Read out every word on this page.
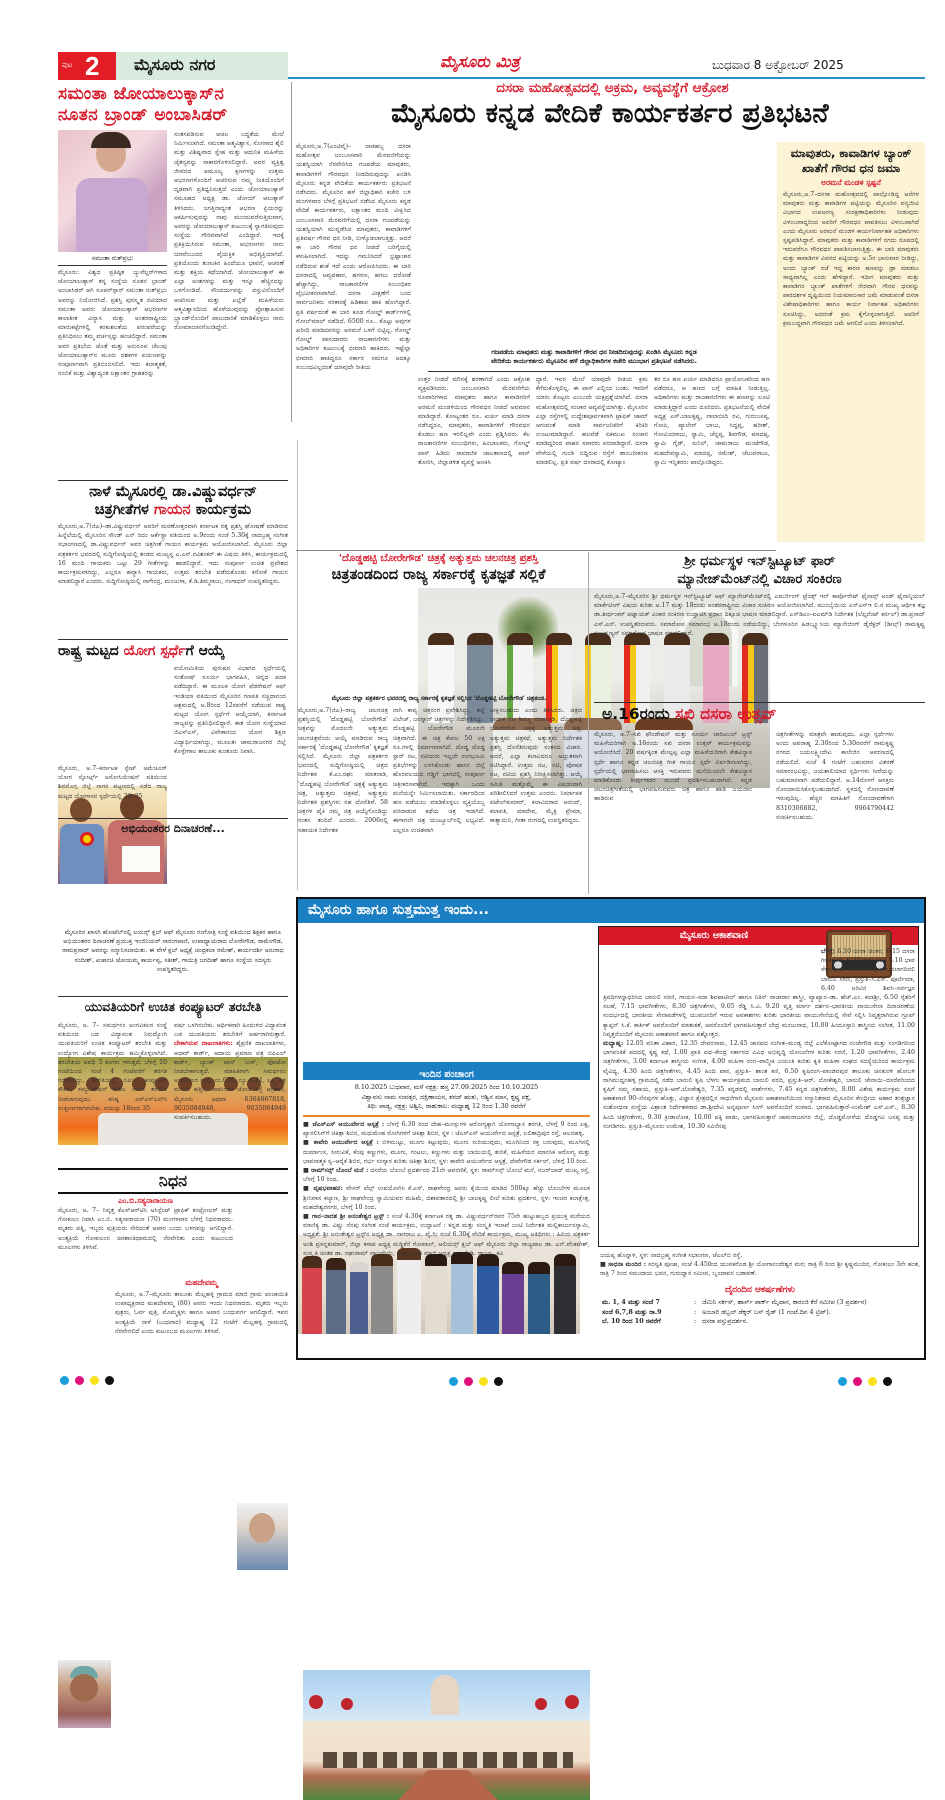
ಪುಟ 2 ಮೈಸೂರು ನಗರ	ಮೈಸೂರು ಮಿತ್ರ	ಬುಧವಾರ 8 ಅಕ್ಟೋಬರ್ 2025
ಸಮಂತಾ ಜೋಯಾಲುಕ್ಕಾಸ್‌ನ
ನೂತನ ಬ್ರಾಂಡ್ ಅಂಬಾಸಿಡರ್
ಸಮಂತಾ ರುತ್‌ಪ್ರಭು
ಮೈಸೂರು: ವಿಶ್ವದ ಪ್ರತಿಷ್ಠಿತ ಜ್ಯುವೆಲ್ಲರ್‌ಗಳಾದ ಜೋಯಾಲುಕ್ಕಾಸ್ ತನ್ನ ಸಂಸ್ಥೆಯ ನೂತನ ಬ್ರಾಂಡ್ ಅಂಬಾಸಿಡರ್ ಆಗಿ ಸೂಪರ್‌ಸ್ಟಾರ್ ಸಮಂತಾ ರುತ್‌ಪ್ರಭು ಅವರನ್ನು ನಿಯೋಜಿಸಿದೆ. ಪ್ರಶಸ್ತಿ ಪುರಸ್ಕೃತ ನಟಿಯಾದ ಸಮಂತಾ ಅವರು ಜೋಯಾಲುಕ್ಕಾಸ್ ಆಭರಣಗಳ ಕಾಲಾತೀತ ವಿನ್ಯಾಸ ಮತ್ತು ಅಂತರರಾಷ್ಟ್ರೀಯ ಮಾರುಕಟ್ಟೆಗಳಲ್ಲಿ ಕರಕುಶಲತೆಯ ಪರಂಪರೆಯನ್ನು ಪ್ರತಿನಿಧಿಸಲು ತಮ್ಮ ವರ್ಚಸ್ಸನ್ನು ಹಂಚಲಿದ್ದಾರೆ. ಸಮಂತಾ ಅವರ ಪ್ರತಿಭೆಯ ಜೊತೆ ಮತ್ತು ಅನುರೂಪ ಚೆಲುವು ಜೋಯಾಲುಕ್ಕಾಸ್‌ನ ಮೂರು ದಶಕಗಳ ಪಯಣವನ್ನು ಸಂಪೂರ್ಣವಾಗಿ ಪ್ರತಿಬಿಂಬಿಸಲಿದೆ. ಇದು ಕಲಾತ್ಮಕತೆ, ನಂಬಿಕೆ ಮತ್ತು ವಿಶ್ವಾದ್ಯಂತ ಲಕ್ಷಾಂತರ ಗ್ರಾಹಕರನ್ನು
ಸಂತಸಪಡಿಸುವ ಆಚಲ ಬದ್ಧತೆಯ ಮೇಲೆ ನಿರ್ಮಿಸಲಾಗಿದೆ. ಸಮಂತಾ ಆತ್ಮವಿಶ್ವಾಸ, ಸೊಗಸಾದ ಶೈಲಿ ಮತ್ತು ವಿಶಿಷ್ಟವಾದ ಸ್ನೇಹ ಮತ್ತು ಆಧುನಿಕ ಮಹಿಳೆಯ ಚೈತನ್ಯವನ್ನು ಸಾಕಾರಗೊಳಿಸಲಿದ್ದಾರೆ. ಅವರ ವ್ಯಕ್ತಿತ್ವ ಜೀವನದ ಅಮೂಲ್ಯ ಕ್ಷಣಗಳನ್ನು ಉತ್ತಮ ಆಭರಣಗಳೊಂದಿಗೆ ಆಚರಿಸುವ ನಮ್ಮ ನೀತಿಯೊಂದಿಗೆ ದೃಢವಾಗಿ ಪ್ರತಿಧ್ವನಿಸುತ್ತದೆ ಎಂದು ಜೋಯಾಲುಕ್ಕಾಸ್ ಸಮೂಹದ ಅಧ್ಯಕ್ಷ ಡಾ. ಜೋಯ್ ಆಲುಕ್ಕಾಸ್ ತಿಳಿಸಿದರು. ಜಗತ್ತಿನಾದ್ಯಂತ ಆಭರಣ ಪ್ರಿಯರನ್ನು ಆಕರ್ಷಿಸುವುದನ್ನು ನಾವು ಮುಂದುವರೆಸುತ್ತಿರುವಾಗ, ಅವರನ್ನು ಜೋಯಾಲುಕ್ಕಾಸ್ ಕುಟುಂಬಕ್ಕೆ ಸ್ವಾಗತಿಸುವುದು ಸಂಸ್ಥೆಯ ಗೌರವವಾಗಿದೆ ಎಂದಿದ್ದಾರೆ. ಇದಕ್ಕೆ ಪ್ರತಿಕ್ರಿಯಿಸಿರುವ ಸಮಂತಾ, ಆಭರಣಗಳು ನಾನು ಯಾರೆಂಬುದರ ವೈಯಕ್ತಿಕ ಅಭಿವ್ಯಕ್ತಿಯಾಗಿದೆ. ಪ್ರತಿಯೊಂದು ತುಣುಕಿನ ಹಿಂದೆಯೂ ಭಾವನೆ, ಆಚರಣೆ ಮತ್ತು ಶಕ್ತಿಯ ಕಥೆಯಾಗಿದೆ. ಜೋಯಾಲುಕ್ಕಾಸ್ ಈ ಎಲ್ಲಾ ಅಂಶಗಳನ್ನು ಮತ್ತು ಇನ್ನೂ ಹೆಚ್ಚಿನದನ್ನು ಒಳಗೊಂಡಿದೆ. ಸೌಂದರ್ಯವನ್ನು ವಸ್ತುವಿನೊಂದಿಗೆ ಆಚರಿಸುವ ಮತ್ತು ಎಲ್ಲೆಡೆ ಮಹಿಳೆಯರು ಆತ್ಮವಿಶ್ವಾಸದಿಂದ ಹೊಳೆಯುವುದನ್ನು ಪ್ರೋತ್ಸಾಹಿಸುವ ಬ್ರ್ಯಾಂಡ್‌ನೊಂದಿಗೆ ಪಾಲುದಾರಿಕೆ ಮಾಡಿಕೊಳ್ಳಲು ನಾನು ರೋಮಾಂಚನಗೊಂಡಿದ್ದೇನೆ.
ನಾಳೆ ಮೈಸೂರಲ್ಲಿ ಡಾ.ವಿಷ್ಣುವರ್ಧನ್
ಚಿತ್ರಗೀತೆಗಳ ಗಾಯನ ಕಾರ್ಯಕ್ರಮ
ಮೈಸೂರು,ಅ.7(ಜಿಎ)–ಡಾ.ವಿಷ್ಣುವರ್ಧನ್ ಅವರಿಗೆ ಮರಣೋತ್ತರವಾಗಿ ಕರ್ನಾಟಕ ರತ್ನ ಪ್ರಶಸ್ತಿ ಘೋಷಣೆ ಮಾಡಿರುವ ಹಿನ್ನೆಲೆಯಲ್ಲಿ ಮೈಸೂರಿನ ಸೌಂಡ್ ಎನ್ ರಿದಂ ಆರ್ಕೆಸ್ಟ್ರಾ ವತಿಯಿಂದ ಅ.9ರಂದು ಸಂಜೆ 5.30ಕ್ಕೆ ನಾದಬ್ರಹ್ಮ ಸಂಗೀತ ಸಭಾಂಗಣದಲ್ಲಿ ಡಾ.ವಿಷ್ಣುವರ್ಧನ್ ಅವರ ಚಿತ್ರಗೀತೆ ಗಾಯನ ಕಾರ್ಯಕ್ರಮ ಆಯೋಜಿಸಲಾಗಿದೆ. ಮೈಸೂರು ಜಿಲ್ಲಾ ಪತ್ರಕರ್ತರ ಭವನದಲ್ಲಿ ಸುದ್ದಿಗೋಷ್ಠಿಯಲ್ಲಿ ತಂಡದ ಮುಖ್ಯಸ್ಥ ಎ.ಎಸ್.ರವಿಶಂಕರ್ ಈ ವಿಷಯ ತಿಳಿಸಿ, ಕಾರ್ಯಕ್ರಮದಲ್ಲಿ 16 ಮಂದಿ ಗಾಯಕರು ಒಟ್ಟು 29 ಗೀತೆಗಳನ್ನು ಹಾಡಲಿದ್ದಾರೆ. ಇದು ಸಂಪೂರ್ಣ ಉಚಿತ ಪ್ರವೇಶದ ಕಾರ್ಯಕ್ರಮವಾಗಿದ್ದು, ಎಲ್ಲರೂ ಹವ್ಯಾಸಿ ಗಾಯಕರು, ಉತ್ತಮ ತರಬೇತಿ ಪಡೆದುಕೊಂಡು ಕರೋಕೆ ಗಾಯನ ಮಾಡಲಿದ್ದಾರೆ ಎಂದರು. ಸುದ್ದಿಗೋಷ್ಠಿಯಲ್ಲಿ ನಾಗೇಂದ್ರ, ಮಂಜುಳಾ, ಕೆ.ಡಿ.ತಿಮ್ಮರಾಜು, ಗಂಗಾಧರ್ ಉಪಸ್ಥಿತರಿದ್ದರು.
ರಾಷ್ಟ್ರ ಮಟ್ಟದ ಯೋಗ ಸ್ಪರ್ಧೆಗೆ ಆಯ್ಕೆ
ಮೈಸೂರು, ಅ.7–ಕರ್ನಾಟಕ ಸ್ಟೇಟ್ ಅಮೆಚೂರ್ ಯೋಗ ಸ್ಪೋರ್ಟ್ಸ್ ಅಸೋಸಿಯೇಷನ್ ವತಿಯಿಂದ ಶಿವಮೊಗ್ಗ ಜಿಲ್ಲೆ ಸಾಗರ ಪಟ್ಟಣದಲ್ಲಿ ನಡೆದ ರಾಜ್ಯ ಮಟ್ಟದ ಯೋಗಾಸನ ಸ್ಪರ್ಧೆಯಲ್ಲಿ 30–35
ವಯೋಮಿತಿಯ ಪುರುಷರ ವಿಭಾಗದ ಸ್ಪರ್ಧೆಯಲ್ಲಿ ಸಂತೋಷ್ ಸೂರ್ಯ ಭಾಗವಹಿಸಿ, ಚಿನ್ನದ ಪದಕ ಪಡೆದಿದ್ದಾರೆ. ಈ ಮೂಲಕ ಯೋಗ ಫೆಡರೇಷನ್ ಆಫ್ ಇಂಡಿಯಾ ವತಿಯಿಂದ ಮೈಸೂರಿನ ಗಣಪತಿ ಸಚ್ಚಿದಾನಂದ ಆಶ್ರಮದಲ್ಲಿ ಅ.8ರಿಂದ 12ರವರೆಗೆ ನಡೆಯುವ ರಾಷ್ಟ್ರ ಮಟ್ಟದ ಯೋಗ ಸ್ಪರ್ಧೆಗೆ ಆಯ್ಕೆಯಾಗಿ, ಕರ್ನಾಟಕ ರಾಜ್ಯವನ್ನು ಪ್ರತಿನಿಧಿಸಲಿದ್ದಾರೆ. ಈತ ಯೋಗ ಸಂಸ್ಥೆಯಾದ ಜಿಎಸ್‌ಎಸ್, ವಿವೇಕಾನಂದ ಯೋಗ ಶಿಕ್ಷಣ ವಿದ್ಯಾರ್ಥಿಯಾಗಿದ್ದು, ಮೂಲತಃ ಚಾಮರಾಜನಗರ ಜಿಲ್ಲೆ ಕೊಳ್ಳೇಗಾಲ ತಾಲೂಕು ಕುಂತೂರು ನಿವಾಸಿ.
ಅಭಿಯಂತರರ ದಿನಾಚರಣೆ...
ಮೈಸೂರಿನ ಖಾಸಗಿ ಹೋಟೆಲ್‌ನಲ್ಲಿ ಲಯನ್ಸ್ ಕ್ಲಬ್ ಆಫ್ ಮೈಸೂರು ಗಂಗೋತ್ರಿ ಸಂಸ್ಥೆ ವತಿಯಿಂದ ಶಿಕ್ಷಕರ ಹಾಗೂ ಅಭಿಯಂತರರ ದಿನಾಚರಣೆ ಪ್ರಯುಕ್ತ ಇಂಜಿನಿಯರ್ ಸಾರಂಗಪಾಣಿ, ಉಪಾಧ್ಯಾಯರಾದ ಬೋರೇಗೌಡ, ರಾಮೇಗೌಡ, ರಾಮಪ್ರಸಾದ್ ಅವರನ್ನು ಸನ್ಮಾನಿಸಲಾಯಿತು. ಈ ವೇಳೆ ಕ್ಲಬ್ ಅಧ್ಯಕ್ಷೆ ಚಂದ್ರಕಲಾ ರಮೇಶ್, ಕಾರ್ಯದರ್ಶಿ ಅನುರಾಧ ನಂದೀಶ್, ಖಜಾಂಚಿ ಜೋಯಮ್ಮ ಕಾರ್ಯಪ್ಪ, ಸತೀಶ್, ಗಾಯಿತ್ರಿ ಜಗದೀಶ್ ಹಾಗೂ ಸಂಸ್ಥೆಯ ಸದಸ್ಯರು ಉಪಸ್ಥಿತರಿದ್ದರು.
ಯುವತಿಯರಿಗೆ ಉಚಿತ ಕಂಪ್ಯೂಟರ್ ತರಬೇತಿ
ಮೈಸೂರು, ಅ. 7– ಸಮರ್ಥನಂ ಅಂಗವಿಕಲರ ಸಂಸ್ಥೆ ವತಿಯಿಂದ ಬಡ ವಿದ್ಯಾವಂತ ನಿರುದ್ಯೋಗಿ ಯುವತಿಯರಿಗೆ ಉಚಿತ ಕಂಪ್ಯೂಟರ್ ತರಬೇತಿ ಮತ್ತು ಉದ್ಯೋಗ ವಿಶೇಷ ಕಾರ್ಯಕ್ರಮ ಹಮ್ಮಿಕೊಳ್ಳಲಾಗಿದೆ. ತರಬೇತಿಯ ಅವಧಿ 3 ತಿಂಗಳು ಇರುತ್ತದೆ. ಬೆಳಗ್ಗೆ 10 ಗಂಟೆಯಿಂದ ಸಂಜೆ 4 ಗಂಟೆವರೆಗೆ ತರಗತಿ ನಡೆಯಲಿದ್ದು, ತರಗತಿಯಲ್ಲಿ ಬಿಪಿಒ, ಕಂಪ್ಯೂಟರ್ ಕೌಶಲ, ಕಮ್ಯುನಿಕೇಷನ್ ಕೌಶಲ ಉಚಿತ ತರಬೇತಿ ನೀಡಲಾಗುವುದು. ಕನಿಷ್ಠ ಎಸ್‌ಎಸ್‌ಎಲ್‌ಸಿ ಉತ್ತೀರ್ಣರಾಗಿರಬೇಕು. ವಯಸ್ಸು 18ರಿಂದ 35
ವರ್ಷ ಒಳಗಿರಬೇಕು. ಆರ್ಥಿಕವಾಗಿ ಹಿಂದುಳಿದ ವಿದ್ಯಾವಂತ ಬಡ ಯುವತಿಯರು ತರಬೇತಿಗೆ ಅರ್ಹರಾಗಿರುತ್ತಾರೆ. ಬೇಕಾಗಿರುವ ದಾಖಲಾತಿಗಳು: ಶೈಕ್ಷಣಿಕ ದಾಖಲಾತಿಗಳು, ಆಧಾರ್ ಕಾರ್ಡ್, ಆದಾಯ ಪ್ರಮಾಣ ಪತ್ರ ಬಿಪಿಎಲ್ ಕಾರ್ಡ್, ಬ್ಯಾಂಕ್ ಪಾಸ್ ಬುಕ್, ಫೋಟೋ ನೀಡಬೇಕಾಗುತ್ತದೆ. ಮಾಹಿತಿಗಾಗಿ ಸಮರ್ಥನಂ ಅಂಗವಿಕಲರ ಸಂಸ್ಥೆ, ನಂ.676, ನ್ಯೂ ಕೆ–21, ಲಕ್ಷ್ಮಿ ಚಿತ್ರ ಮಂದಿರ ಹತ್ತಿರ, ಚಾಮರಾಜ ಜೋಡಿ ರಸ್ತೆ ಆಗ್ರಹಾರ, ಮೈಸೂರು ಅಥವಾ 6364867818, 9035084948, 9035084949 ಸಂಪರ್ಕಿಸಬಹುದು.
ನಿಧನ
ಎಂ.ಬಿ.ಸತ್ಯನಾರಾಯಣ
ಮೈಸೂರು, ಅ. 7– ನಿವೃತ್ತ ಕೆಎಸ್‌ಆರ್‌ಟಿಸಿ ಅಸಿಸ್ಟೆಂಟ್ ಟ್ರಾಫಿಕ್ ಕಂಟ್ರೋಲರ್ ಮತ್ತು ಗೋಕುಲಂ ನಿವಾಸಿ ಎಂ.ಬಿ. ಸತ್ಯನಾರಾಯಣ (70) ಮಂಗಳವಾರ ಬೆಳಗ್ಗೆ ನಿಧನರಾದರು. ಮೃತರು ಪತ್ನಿ, ಇಬ್ಬರು ಪುತ್ರಿಯರು ಸೇರಿದಂತೆ ಅಪಾರ ಬಂಧು ಬಳಗವನ್ನು ಅಗಲಿದ್ದಾರೆ. ಅಂತ್ಯಕ್ರಿಯೆ ಗೋಕುಲಂನ ಚಿರಶಾಂತಿಧಾಮದಲ್ಲಿ ನೆರವೇರಿತು ಎಂದು ಕುಟುಂಬದ ಮೂಲಗಳು ತಿಳಿಸಿವೆ.
ಮಹದೇವಮ್ಮ
ಮೈಸೂರು, ಅ.7–ಮೈಸೂರು ತಾಲೂಕು ಮೆಲ್ಲಹಳ್ಳಿ ಗ್ರಾಮದ ಮಾಜಿ ಗ್ರಾಮ ಪಂಚಾಯಿತಿ ಉಪಾಧ್ಯಕ್ಷರಾದ ಮಹದೇವಮ್ಮ (80) ಅವರು ಇಂದು ನಿಧನರಾದರು. ಮೃತರು ಇಬ್ಬರು ಪುತ್ರರು, ಓರ್ವ ಪುತ್ರಿ, ಮೊಮ್ಮಕ್ಕಳು ಹಾಗೂ ಅಪಾರ ಬಂಧುವರ್ಗ ಅಗಲಿದ್ದಾರೆ. ಇವರ ಅಂತ್ಯಕ್ರಿಯೆ ನಾಳೆ (ಬುಧವಾರ) ಮಧ್ಯಾಹ್ನ 12 ಗಂಟೆಗೆ ಮೆಲ್ಲಹಳ್ಳಿ ಗ್ರಾಮದಲ್ಲಿ ನೆರವೇರಲಿದೆ ಎಂದು ಕುಟುಂಬದ ಮೂಲಗಳು ತಿಳಿಸಿವೆ.
ದಸರಾ ಮಹೋತ್ಸವದಲ್ಲಿ ಅಕ್ರಮ, ಅವ್ಯವಸ್ಥೆಗೆ ಆಕ್ರೋಶ
ಮೈಸೂರು ಕನ್ನಡ ವೇದಿಕೆ ಕಾರ್ಯಕರ್ತರ ಪ್ರತಿಭಟನೆ
ಮೈಸೂರು,ಅ.7(ಎಂಟಿವೈ)– ನಾಡಹಬ್ಬ ದಸರಾ ಮಹೋತ್ಸವ ಜಂಬೂಸವಾರಿ ಮೆರವಣಿಗೆಯನ್ನು ಯಶಸ್ವಿಯಾಗಿ ನೆರವೇರಿಸಿದ ಗಜಪಡೆಯ ಮಾವುತರು, ಕಾವಾಡಿಗಳಿಗೆ ಗೌರವಧನ ನೀಡದಿರುವುದನ್ನು ಖಂಡಿಸಿ ಮೈಸೂರು ಕನ್ನಡ ವೇದಿಕೆಯ ಕಾರ್ಯಕರ್ತರು ಪ್ರತಿಭಟನೆ ನಡೆಸಿದರು. ಮೈಸೂರಿನ ಹಳೆ ಜಿಲ್ಲಾಧಿಕಾರಿ ಕಚೇರಿ ಬಳಿ ಮಂಗಳವಾರ ಬೆಳಗ್ಗೆ ಪ್ರತಿಭಟನೆ ನಡೆಸಿದ ಮೈಸೂರು ಕನ್ನಡ ವೇದಿಕೆ ಕಾರ್ಯಕರ್ತರು, ಲಕ್ಷಾಂತರ ಮಂದಿ ವೀಕ್ಷಿಸಿದ ಜಂಬೂಸವಾರಿ ಮೆರವಣಿಗೆಯಲ್ಲಿ ದಸರಾ ಗಜಪಡೆಯನ್ನು ಯಶಸ್ವಿಯಾಗಿ ಮುನ್ನಡೆಸಿದ ಮಾವುತರು, ಕಾವಾಡಿಗಳಿಗೆ ಪ್ರತಿವರ್ಷ ಗೌರವ ಧನ ನೀಡಿ, ಬೀಳ್ಕೊಡಲಾಗುತ್ತಿತ್ತು. ಆದರೆ ಈ ಬಾರಿ ಗೌರವ ಧನ ನೀಡದೆ ಬರಿಗೈಯಲ್ಲಿ ಕಳುಹಿಸಲಾಗಿದೆ. ಇದನ್ನು ಗಮನಿಸಿದರೆ ಭ್ರಷ್ಟಾಚಾರ ನಡೆದಿರುವ ಶಂಕೆ ಇದೆ ಎಂದು ಆರೋಪಿಸಿದರು. ಈ ಬಾರಿ ದಸರಾದಲ್ಲಿ ಅವ್ಯವಹಾರ, ಹಗರಣ, ಹಗಲು ದರೋಡೆ ಹೆಚ್ಚಾಗಿದ್ದು, ರಾಜಕಾರಣಿಗಳ ಸಂಬಂಧಿಕರ ವೈಭವೀಕರಣವಾಗಿದೆ. ದಸರಾ ವೀಕ್ಷಣೆಗೆ ಬಂದ ಸಾರ್ವಜನಿಕರು ಸರಕಾರಕ್ಕೆ ಹಿಡಿಶಾಪ ಹಾಕಿ ಹೋಗಿದ್ದಾರೆ. ಪ್ರತಿ ವರ್ಷದಂತೆ ಈ ಬಾರಿ ಕೂಡ ಗೋಲ್ಡ್ ಕಾರ್ಡ್‌ಗಳಲ್ಲಿ ಗೋಲ್‌ಮಾಲ್ ನಡೆದಿದೆ. 6500 ರೂ.. ಕೊಟ್ಟು ಅವುಗಳ ಖರೀದಿ ಮಾಡಿದವರನ್ನು ಅರಮನೆ ಒಳಗೆ ಬಿಟ್ಟಿಲ್ಲ. ರೋಲ್ಡ್ ಗೋಲ್ಡ್ ಪಾಸುದಾರರು ರಾಜಕಾರಣಿಗಳು ಮತ್ತು ಅಧಿಕಾರಿಗಳ ಕುಟುಂಬಕ್ಕೆ ಛೀಮಾರಿ ಹಾಕಿದರು. ಇಷ್ಟೆಲ್ಲಾ ಛೀಮಾರಿ ಹಾಕಿದ್ದರೂ ಸರ್ಕಾರ ನಮಗೂ ಅದಕ್ಕೂ ಸಂಬಂಧವಿಲ್ಲದಂತೆ ಯಾವುದೇ ರೀತಿಯ
ಗಜಪಡೆಯ ಮಾವುತರು ಮತ್ತು ಕಾವಾಡಿಗಳಿಗೆ ಗೌರವ ಧನ ನೀಡದಿರುವುದನ್ನು ಖಂಡಿಸಿ ಮೈಸೂರು ಕನ್ನಡ
ವೇದಿಕೆಯ ಕಾರ್ಯಕರ್ತರು ಮೈಸೂರಿನ ಹಳೆ ಜಿಲ್ಲಾಧಿಕಾರಿಗಳ ಕಚೇರಿ ಮುಂಭಾಗ ಪ್ರತಿಭಟನೆ ನಡೆಸಿದರು.
ಉತ್ತರ ನೀಡದೆ ಮೌನಕ್ಕೆ ಶರಣಾಗಿದೆ ಎಂದು ಆಕ್ರೋಶ ವ್ಯಕ್ತಪಡಿಸಿದರು. ಜಂಬೂಸವಾರಿ ಮೆರವಣಿಗೆಯ ರೂವಾರಿಗಳಾದ ಮಾವುತರು ಹಾಗೂ ಕಾವಾಡಿಗರಿಗೆ ಅರಮನೆ ಮಂಡಳಿಯಿಂದ ಗೌರವಧನ ನೀಡದೆ ಅವಮಾನ ಮಾಡಿದ್ದಾರೆ. ಕೋಟ್ಯಂತರ ರೂ. ಖರ್ಚು ಮಾಡಿ ದಸರಾ ನಡೆಸಿದ್ದರೂ, ಮಾವುತರು, ಕಾವಾಡಿಗಳಿಗೆ ಗೌರವಧನ ಕೊಡಲು ಹಣ ಇರಲಿಲ್ಲವೇ ಎಂದು ಪ್ರಶ್ನಿಸಿದರು. ಕೆಲ ರಾಜಕಾರಣಿಗಳ ಸಂಬಂಧಿಗಳು, ಹಿಂಬಾಲಕರು, ಗೋಲ್ಡ್ ಪಾಸ್ ಹಿಡಿದು ಸಾಮಾಜಿಕ ಜಾಲತಾಣದಲ್ಲಿ ಪಾಸ್ ತೋರಿಸಿ, ಜಿಲ್ಲಾಡಳಿತ ವ್ಯವಸ್ಥೆ ಅಣಕಿಸಿ
ದ್ದಾರೆ. ಇವರ ಮೇಲೆ ಯಾವುದೇ ರೀತಿಯ ಕ್ರಮ ಕೆಗೆದುಕೊಳ್ಳಲಿಲ್ಲ. ಈ ಪಾಸ್ ಎಲ್ಲಿಂದ ಬಂತು. ಇವರಿಗೆ ಯಾರು ಕೊಟ್ಟರು ಎಂಬುದೇ ಯಕ್ಷಪ್ರಶ್ನೆಯಾಗಿದೆ. ದಸರಾ ಮಹೋತ್ಸವದಲ್ಲಿ ಸಂಚಾರ ಅವ್ಯವಸ್ಥೆಯಾಗಿತ್ತು. ಮೈಸೂರಿನ ಎಲ್ಲಾ ರಸ್ತೆಗಳಲ್ಲಿ ಉದ್ದೇಶಪೂರ್ವಕವಾಗಿ ಟ್ರಾಫಿಕ್ ಜಾಮ್ ಆಗುವಂತೆ ಮಾಡಿ ಸಾರ್ವಜನಿಕರಿಗೆ ಕಿರಿಕಿರಿ ಉಂಟುಮಾಡಿದ್ದಾರೆ. ಹಲವೆಡೆ ಏಕಮುಖ ಸಂಚಾರ ಮಾಡಿದ್ದರಿಂದ ವಾಹನ ಸವಾರರು ಪರದಾಡಿದ್ದಾರೆ. ದಸರಾ ವೇಳೆಯಲ್ಲಿ ಗುಂಡಿ ಬಿದ್ದಿರುವ ರಸ್ತೆಗೆ ಡಾಂಬರೀಕರಣ ಮಾಡಲಿಲ್ಲ. ಪ್ರತಿ ವರ್ಷ ದಸರಾದಲ್ಲಿ ಕೋಟ್ಯಾಂ
ತರ ರೂ ಹಣ ಖರ್ಚು ಮಾಡಿದರೂ ಪ್ರಾಯೋಜಕರಿಂದ ಹಣ ಪಡೆದರೂ, ಆ ಹಣದ ಬಗ್ಗೆ ಮಾಹಿತಿ ನೀಡುತ್ತಿಲ್ಲ. ಅಧಿಕಾರಿಗಳು ಮತ್ತು ರಾಜಕಾರಣಿಗಳು ಈ ಹಣವನ್ನು ಲೂಟಿ ಮಾಡುತ್ತಿದ್ದಾರೆ ಎಂದು ದೂರಿದರು. ಪ್ರತಿಭಟನೆಯಲ್ಲಿ ವೇದಿಕೆ ಅಧ್ಯಕ್ಷ ಎಸ್.ಬಾಲಕೃಷ್ಣ, ನಾಲಾಬೀದಿ ರವಿ, ಗುರುಬಸಪ್ಪ, ಗೋಪಿ, ಪ್ಯಾಲೇಸ್ ಬಾಬು, ಸಿದ್ದಪ್ಪ, ಹರೀಶ್, ಗೋವಿಂದರಾಜು, ಸ್ವಾಮಿ, ಚೆನ್ನಪ್ಪ, ಶಿವಗೌಡ, ಮಾದಪ್ಪ, ಸ್ವಾಮಿ ಗೈಡ್, ಸುನಿಲ್, ಚಾಮರಾಜು ಮಂಟೆಗೌಡ, ಮಹದೇವಸ್ವಾಮಿ, ಮಾದಪ್ಪ, ರಮೇಶ್, ಚೆಲುವರಾಜು, ಸ್ವಾಮಿ ಇನ್ನಿತರರು ಪಾಲ್ಗೊಂಡಿದ್ದರು.
ಮಾವುತರು, ಕಾವಾಡಿಗಳ ಬ್ಯಾಂಕ್ ಖಾತೆಗೆ ಗೌರವ ಧನ ಜಮಾ
ಅರಮನೆ ಮಂಡಳಿ ಸ್ಪಷ್ಟನೆ
ಮೈಸೂರು,ಅ.7–ದಸರಾ ಮಹೋತ್ಸವದಲ್ಲಿ ಪಾಲ್ಗೊಂಡಿದ್ದ ಆನೆಗಳ ಮಾವುತರು ಮತ್ತು ಕಾವಾಡಿಗಳ ಪಟ್ಟಿಯನ್ನು ಮೈಸೂರಿನ ವನ್ಯಜೀವಿ ವಿಭಾಗದ ಉಪಅರಣ್ಯ ಸಂರಕ್ಷಣಾಧಿಕಾರಿಗಳು ನೀಡುವುದು ವಿಳಂಬವಾದ್ದರಿಂದ ಅವರಿಗೆ ಗೌರವಧನ ಪಾವತಿಸಲು ವಿಳಂಬವಾಗಿದೆ ಎಂದು ಮೈಸೂರು ಅರಮನೆ ಮಂಡಳಿ ಕಾರ್ಯನಿರ್ವಾಹಕ ಅಧಿಕಾರಿಗಳು ಸ್ಪಷ್ಟಪಡಿಸಿದ್ದಾರೆ. ಮಾವುತರು ಮತ್ತು ಕಾವಾಡಿಗಳಿಗೆ ನಗದು ರೂಪದಲ್ಲಿ ಇದುವರೆಗೂ ಗೌರವಧನ ಪಾವತಿಸಲಾಗುತ್ತಿತ್ತು. ಈ ಬಾರಿ ಮಾವುತರು ಮತ್ತು ಕಾವಾಡಿಗಳ ವಿವರದ ಪಟ್ಟಿಯನ್ನು ಅ.5ರ ಭಾನುವಾರ ನೀಡಿದ್ದು, ಅಂದು ಬ್ಯಾಂಕ್ ರಜೆ ಇದ್ದ ಕಾರಣ ಹಣವನ್ನು ಡ್ರಾ ಮಾಡಲು ಸಾಧ್ಯವಾಗಿಲ್ಲ ಎಂದು ಹೇಳಿದ್ದಾರೆ. ಇದೀಗ ಮಾವುತರು ಮತ್ತು ಕಾವಾಡಿಗರ ಬ್ಯಾಂಕ್ ಖಾತೆಗಳಿಗೆ ನೇರವಾಗಿ ಗೌರವ ಧನವನ್ನು ಪಾರದರ್ಶಕ ದೃಷ್ಟಿಯಿಂದ ನಿಯಮಾನುಸಾರ ಜಮೆ ಮಾಡುವಂತೆ ದಸರಾ ವಿಶೇಷಾಧಿಕಾರಿಗಳು ಹಾಗೂ ಕಾರ್ಯ ನಿರ್ವಾಹಕ ಅಧಿಕಾರಿಗಳು ಸೂಚಿಸಿದ್ದು, ಅದರಂತೆ ಕ್ರಮ ಕೈಗೊಳ್ಳಲಾಗುತ್ತಿದೆ. ಅವರಿಗೆ ಕ್ರಮಬದ್ಧವಾಗಿ ಗೌರವಧನ ಜಮೆ ಆಗಲಿದೆ ಎಂದು ತಿಳಿಸಲಾಗಿದೆ.
'ದೊಡ್ಡಹಟ್ಟಿ ಬೋರೇಗೌಡ' ಚಿತ್ರಕ್ಕೆ ಅತ್ಯುತ್ತಮ ಚಲನಚಿತ್ರ ಪ್ರಶಸ್ತಿ
ಚಿತ್ರತಂಡದಿಂದ ರಾಜ್ಯ ಸರ್ಕಾರಕ್ಕೆ ಕೃತಜ್ಞತೆ ಸಲ್ಲಿಕೆ
ಮೈಸೂರು ಜಿಲ್ಲಾ ಪತ್ರಕರ್ತರ ಭವನದಲ್ಲಿ ರಾಜ್ಯ ಸರ್ಕಾರಕ್ಕೆ ಕೃತಜ್ಞತೆ ಸಲ್ಲಿಸಿದ 'ದೊಡ್ಡಹಟ್ಟಿ ಬೋರೇಗೌಡ' ಚಿತ್ರತಂಡ.
ಮೈಸೂರು,ಅ.7(ಜಿಎ)–ರಾಜ್ಯ ಚಲನಚಿತ್ರ ಪ್ರಶಸ್ತಿಯಲ್ಲಿ 'ದೊಡ್ಡಹಟ್ಟಿ ಬೋರೇಗೌಡ' ಚಿತ್ರವನ್ನು ಮೊದಲನೇ ಅತ್ಯುತ್ತಮ ಚಲನಚಿತ್ರವೆಂದು ಆಯ್ಕೆ ಮಾಡಿರುವ ರಾಜ್ಯ ಸರ್ಕಾರಕ್ಕೆ 'ದೊಡ್ಡಹಟ್ಟಿ ಬೋರೇಗೌಡ' ಕೃತಜ್ಞತೆ ಸಲ್ಲಿಸಿದೆ. ಮೈಸೂರು ಜಿಲ್ಲಾ ಪತ್ರಕರ್ತರ ಭವನದಲ್ಲಿ ಸುದ್ದಿಗೋಷ್ಠಿಯಲ್ಲಿ ಚಿತ್ರದ ನಿರ್ದೇಶಕ ಕೆ.ಎಂ.ರಘು ಮಾತನಾಡಿ, 'ದೊಡ್ಡಹಟ್ಟಿ ಬೋರೇಗೌಡ' ಚಿತ್ರಕ್ಕೆ ಅತ್ಯುತ್ತಮ ಚಿತ್ರ, ಅತ್ಯುತ್ತಮ ಚಿತ್ರಕಥೆ, ಅತ್ಯುತ್ತಮ ನಿರ್ದೇಶಕ ಪ್ರಶಸ್ತಿಗಳು ಸಹ ದೊರೆತಿವೆ. 58 ಚಿತ್ರಗಳ ಪೈಕಿ ನಮ್ಮ ಚಿತ್ರ ಆಯ್ಕೆಗೊಂಡಿದ್ದು ಸಂತಸ ತಂದಿದೆ ಎಂದರು. 2006ರಲ್ಲಿ ಸಹಾಯಕ ನಿರ್ದೇಶಕ
ನಾಗಿ ಕಾವ್ಯ ಚಿತ್ರರಂಗ ಪ್ರವೇಶಿಸಿದ್ದು, ತಲ್ಲೆ ವಿಲೇಜ್, ಜನಸ್ನಾನ್ ಚಿತ್ರಗಳನ್ನು ನಿರ್ದೇಶಿಸಿದ್ದು, ದೊಡ್ಡಹಟ್ಟಿ ಬೋರೇಗೌಡ ಮೂರನೇ ಚಿತ್ರವಾಗಿದೆ. ಈ ಚಿತ್ರ ಕೇವಲ 50 ಲಕ್ಷ ರೂ.ಗಳಲ್ಲಿ ನಿರ್ಮಾಣವಾಗಿದೆ. ದೊಡ್ಡ ದೊಡ್ಡ ಸ್ಟಾರ್ ನಟ, ನಟಿಯರು ಇಲ್ಲದೇ ರಂಗಭೂಮಿ ಪ್ರತಿಭೆಗಳನ್ನು ಬಳಸಿಕೊಂಡು ಹಾಸನ ಜಿಲ್ಲೆ ಹೊರವಲಯದ ಗಡ್ಡಿಗೆ ಭಾಗದಲ್ಲಿ ಸಂಪೂರ್ಣ ಚಿತ್ರೀಕರಣವಾಗಿದೆ. ಇದಕ್ಕಾಗಿ ಒಂದು ಮನೆಯನ್ನೇ ನಿರ್ಮಿಸಲಾಯಿತು. ಸರ್ಕಾರದಿಂದ ಹಣ ಪಡೆಯಲು ಮಾಡಿಕೊಳ್ಳಲು ವ್ಯಕ್ತಿಯೊಬ್ಬ ಪರದಾಡುವ ಕಥೆಯ ಚಿತ್ರ ಇದಾಗಿದೆ. ಈಗಾಗಲೇ ಚಿತ್ರ ಯುಟ್ಯೂಬ್‌ನಲ್ಲಿ ಲಭ್ಯವಿದೆ. ಎಲ್ಲರೂ ಉಚಿತವಾಗಿ
ವೀಕ್ಷಿಸಬಹುದು ಎಂದು ತಿಳಿಸಿದರು. ಚಿತ್ರದ ನಾಯಕ ನಟ ಶಿವಣ್ಣ ಮಾತನಾಡಿ, ದೊಡ್ಡಹಟ್ಟಿ ಬೋರೇಗೌಡ ಚಿತ್ರಕ್ಕೆ ಅತ್ಯುತ್ತಮ ಚಿತ್ರ, ಅತ್ಯುತ್ತಮ ಚಿತ್ರಕಥೆ, ಅತ್ಯುತ್ತಮ ನಿರ್ದೇಶಕ ಪ್ರಶಸ್ತಿ ದೊರೆತಿರುವುದು ಸಂತಸದ ವಿಚಾರ. ಆದರೆ, ಎಲ್ಲಾ ಕಲಾವಿದರೂ ಅದ್ಭುತವಾಗಿ ನಟಿಸಿದ್ದಾರೆ. ಉತ್ತಮ ನಟ, ನಟಿ, ಪೋಷಕ ನಟ, ನಟಿಯ ಪ್ರಶಸ್ತಿ ನಿರೀಕ್ಷಿಸಲಾಗಿತ್ತು. ಆಯ್ಕೆ ಸಮಿತಿ ಮತ್ತೊಮ್ಮೆ ಈ ವಿಷಯವಾಗಿ ಪರಿಶೀಲಿಸಿದರೆ ಉತ್ತಮ ಎಂದರು. ನಿರ್ಮಾಪಕ ಪಟೇಲ್‌ಕುಮಾರ್, ಕಲಾವಿದರಾದ ಆನಂದ್, ಕಲಾವತಿ, ಮಾದೇವ, ಮೈತ್ರಿ ಪ್ರೇಮಾ, ಕಾತ್ಯಾಯಿನಿ, ಗೀತಾ ರಂಗದಲ್ಲಿ ಉಪಸ್ಥಿತರಿದ್ದರು.
ಶ್ರೀ ಧರ್ಮಸ್ಥಳ ಇನ್‌ಸ್ಟಿಟ್ಯೂಟ್ ಫಾರ್
ಮ್ಯಾನೇಜ್‌ಮೆಂಟ್‌ನಲ್ಲಿ ವಿಚಾರ ಸಂಕಿರಣ
ಮೈಸೂರು,ಅ.7–ಮೈಸೂರಿನ ಶ್ರೀ ಧರ್ಮಸ್ಥಳ ಇನ್‌ಸ್ಟಿಟ್ಯೂಟ್ ಆಫ್ ಮ್ಯಾನೇಜ್‌ಮೆಂಟ್‌ನಲ್ಲಿ ಎಮರ್ಜಿಂಗ್ ಟ್ರೆಂಡ್ಸ್ ಇನ್ ಕಾರ್ಪೊರೇಟ್ ಫೈನಾನ್ಸ್ ಅಂಡ್ ಫೈನಾನ್ಶಿಯಲ್ ಮಾರ್ಕೆಟಿಂಗ್ ವಿಷಯ ಕುರಿತು ಅ.17 ಮತ್ತು 18ರಂದು ಅಂತರರಾಷ್ಟ್ರೀಯ ವಿಚಾರ ಸಂಕಿರಣ ಆಯೋಜಿಸಲಾಗಿದೆ. ಮುಂಬೈಯಿಯ ಎನ್‌ಎಸ್‌ಇ ಲಿ.ನ ಮುಖ್ಯ ಆರ್ಥಿಕ ತಜ್ಞ ಡಾ.ತೀರ್ಥಂಕರ್ ಪಟ್ನಾಯಕ್ ವಿಚಾರ ಸಂಕಿರಣ ಉದ್ಘಾಟಿಸಿ ಪ್ರಧಾನ ದಿಕ್ಸೂಚಿ ಭಾಷಣ ಮಾಡಲಿದ್ದಾರೆ. ಎಸ್‌ಡಿಎಂ–ಐಎಮ್‌ಡಿ ನಿರ್ದೇಶಕ (ಲೆಫ್ಟಿನೆಂಟ್ ಕರ್ನಲ್) ಡಾ.ಪ್ರಸಾದ್ ಎಸ್.ಎನ್. ಉಪಸ್ಥಿತರಿರುವರು. ಸಮಾರೋಪ ಸಮಾರಂಭ ಅ.18ರಂದು ನಡೆಯಲಿದ್ದು, ಬೆಂಗಳೂರಿನ ಹಿಡಬ್ಲ್ಯೂಸಿಯ ಮ್ಯಾನೇಜಿಂಗ್ ಡೈರೆಕ್ಟರ್ (ಡೀಲ್ಸ್) ರಾಮಕೃಷ್ಣ ಸುಬ್ರಹ್ಮಣ್ಯನ್ ಸಮಾರೋಪ ಭಾಷಣ ಮಾಡಲಿದ್ದಾರೆ.
ಅ.16ರಂದು ಸಖಿ ದಸರಾ ಉತ್ಸವ್
ಮೈಸೂರು, ಅ.7–ಸಖಿ ಫೌಂಡೇಷನ್ ಮತ್ತು ಸೂರ್ಯ ಚಾರಿಟಬಲ್ ಟ್ರಸ್ಟ್ ಮಹಿಳೆಯರಿಗಾಗಿ ಅ.16ರಂದು ಸಖಿ ದಸರಾ ಉತ್ಸವ್ ಕಾರ್ಯಕ್ರಮವನ್ನು ಆಯೋಜಿಸಿದೆ. 20 ವರ್ಷಕ್ಕಿಂತ ಮೇಲ್ಪಟ್ಟ ಎಲ್ಲಾ ಮಹಿಳೆಯರಿಗಾಗಿ ಕೇಶವಿನ್ಯಾಸ ಸ್ಪರ್ಧೆ ಹಾಗೂ ಕನ್ನಡ ಚಲನಚಿತ್ರ ಗೀತ ಗಾಯನ ಸ್ಪರ್ಧೆ ಏರ್ಪಡಿಸಲಾಗಿದ್ದು, ಸ್ಪರ್ಧೆಯಲ್ಲಿ ಭಾಗವಹಿಸಲು ಆಸಕ್ತಿ ಇರುವವರು ಮನೆಯಿಂದಲೇ ಕೇಶವಿನ್ಯಾಸ ಮಾಡಿಕೊಂಡು ತೀರ್ಪುಗಾರರ ಮುಂದೆ ಪ್ರದರ್ಶಿಸಬಹುದಾಗಿದೆ. ಕನ್ನಡ ಚಲನಚಿತ್ರಗೀತೆಯಲ್ಲಿ ಭಾಗವಹಿಸುವವರು ಚಿತ್ರ ಹಾಗೂ ಹಾಡಿ ಜಯದಾಂ ಹಾಡಿರುವ
ಚಿತ್ರಗೀತೆಗಳನ್ನು ಮಾತ್ರವೇ ಹಾಡುವುದು. ಎಲ್ಲಾ ಸ್ಪರ್ಧೆಗಳು ಅಂದು ಅಪರಾಹ್ನ 2.30ರಿಂದ 5.30ರವರೆಗೆ ರಾಮಕೃಷ್ಣ ನಗರದ ಜಯಲಕ್ಷ್ಮೀದೇವಿ ಕಾಲೇಜಿನ ಆವರಣದಲ್ಲಿ ನಡೆಯಲಿದೆ. ಸಂಜೆ 4 ಗಂಟೆಗೆ ಬಹುಮಾನ ವಿತರಣೆ ಸಮಾರಂಭವಿದ್ದು, ಜಯಶಾಲಿಯಾದ ಸ್ಪರ್ಧಿಗಳು ಸೀರೆಯನ್ನು ಬಹುಮಾನವಾಗಿ ಪಡೆಯಲಿದ್ದಾರೆ. ಅ.14ರೊಳಗೆ ಆಸಕ್ತರು ನೋಂದಾಯಿಸಿಕೊಳ್ಳಬಹುದಾಗಿದೆ. ಸ್ಥಳದಲ್ಲಿ ನೋಂದಾವಣೆ ಇರುವುದಿಲ್ಲ. ಹೆಚ್ಚಿನ ಮಾಹಿತಿಗೆ ನೋಂದಾವಣೆಗಾಗಿ 8310306882, 9964790442 ಸಂಪರ್ಕಿಸಬಹುದು.
ಮೈಸೂರು ಹಾಗೂ ಸುತ್ತಮುತ್ತ ಇಂದು...
ಇಂದಿನ ಪಂಚಾಂಗ
8.10.2025 ಬುಧವಾರ, ಮಳೆ ನಕ್ಷತ್ರ: ಹಸ್ತ 27.09.2025 ರಿಂದ 10.10.2025
ವಿಶ್ವಾವಸು ನಾಮ ಸಂವತ್ಸರ, ದಕ್ಷಿಣಾಯನ, ಶರದ್ ಋತು, ಆಶ್ವಿನ ಮಾಸ, ಕೃಷ್ಣ ಪಕ್ಷ,
ತಿಥಿ: ಪಾಡ್ಯ, ನಕ್ಷತ್ರ: ಅಶ್ವಿನಿ, ರಾಹುಕಾಲ: ಮಧ್ಯಾಹ್ನ 12 ರಿಂದ 1.30 ರವರೆಗೆ
■ ಜೆಎಸ್‌ಎಸ್ ಆಯುರ್ವೇದ ಆಸ್ಪತ್ರೆ : ಬೆಳಗ್ಗೆ 6.30 ರಿಂದ ದೇಹ–ಮನಸ್ಸುಗಳ ಆರೋಗ್ಯಕ್ಕಾಗಿ ಯೋಗಾಭ್ಯಾಸ ತರಗತಿ, ಬೆಳಗ್ಗೆ 9 ರಿಂದ ಲಕ್ವ, ಪ್ಯಾರಲಿಸಿಸ್‌ಗೆ ಚಿಕಿತ್ಸಾ ಶಿಬಿರ, ಮಧುಮೇಹ ರೋಗಿಗಳಿಗೆ ಚಿಕಿತ್ಸಾ ಶಿಬಿರ, ಸ್ಥಳ : ಜೆಎಸ್‌ಎಸ್ ಆಯುರ್ವೇದ ಆಸ್ಪತ್ರೆ, ಲಲಿತಾದ್ರಿಪುರ ರಸ್ತೆ, ಆಲನಹಳ್ಳಿ.
■ ಕಾವೇರಿ ಆಯುರ್ವೇದ ಆಸ್ಪತ್ರೆ : ಬಿಳಿಮುಟ್ಟು, ಮೂಗು ಕಟ್ಟುವುದು, ಮೂಗು ಸುರಿಯುವುದು, ಮೂಗಿನಿಂದ ರಕ್ತ ಬರುವುದು, ಮೂಗಿನಲ್ಲಿ ದುರ್ಮಾಂಸ, ಸೀನುವಿಕೆ, ಕೆಂಪು ಕಣ್ಣುಗಳು, ಮೂಗು, ಗಂಟಲು, ಕಣ್ಣುಗಳು ಮತ್ತು ಬಾಯಿಯಲ್ಲಿ ತುರಿಕೆ, ಮಹಿಳೆಯರ ಮಾನಸಿಕ ಆರೋಗ್ಯ ಮತ್ತು ಭಾವನಾತ್ಮಕ ಸ್ವ–ಆರೈಕೆ ಶಿಬಿರ, ಗರ್ಭ ಸಂಸ್ಕಾರ ಕುರಿತು ಚಿಕಿತ್ಸಾ ಶಿಬಿರ, ಸ್ಥಳ: ಕಾವೇರಿ ಆಯುರ್ವೇದ ಆಸ್ಪತ್ರೆ, ದೇವೇಗೌಡ ಸರ್ಕಲ್, ಬೆಳಗ್ಗೆ 10 ರಿಂದ.
■ ರಾಮ್‌ಸನ್ಸ್ ಬೊಂಬೆ ಮನೆ : ದಸರೆಯ ಬೊಂಬೆ ಪ್ರದರ್ಶನದ 21ನೇ ಆವರಣಿಕೆ, ಸ್ಥಳ: ರಾಮ್‌ಸನ್ಸ್ ಬೊಂಬೆ ಮನೆ, ನಜರ್‌ಬಾದ್ ಮುಖ್ಯ ರಸ್ತೆ, ಬೆಳಗ್ಗೆ 10 ರಿಂದ.
■ ವೃಷಭವಾಹನ: ವೇಸರ್ ಪೆಲ್ಸ್ ಉಪಯೋಗಿಸಿ ಕೆ.ಎಸ್. ರಾಘವೇಂದ್ರ ಅವರು ಕೈಯಿಂದ ಮಾಡಿದ 500ಕ್ಕೂ ಹೆಚ್ಚು ಬೊಂಬೆಗಳ ಮೂಲಕ ಶ್ರೀನಿವಾಸ ಕಲ್ಯಾಣ, ಶ್ರೀ ರಾಘವೇಂದ್ರ ಸ್ವಾಮಿಯವರ ಮಹಿಮೆ, ದಶಾವತಾರದಲ್ಲಿ ಶ್ರೀ ಬಾಲಕೃಷ್ಣ ಲೀಲೆ ಕುರಿತು ಪ್ರದರ್ಶನ, ಸ್ಥಳ: ಇಂಚರ ಕಲಾಕ್ಷೇತ್ರ, ಮಹದೇಶ್ವರನಗರ, ಬೆಳಗ್ಗೆ 10 ರಿಂದ.
■ ಗಾನ–ನಾದಶ ಶ್ರೀ ಅನಂತೇಶ್ವರ ಟ್ರಸ್ಟ್ : ಸಂಜೆ 4.30ಕ್ಕೆ ಕರ್ನಾಟಕ ರತ್ನ ಡಾ. ವಿಷ್ಣುವರ್ಧನ್‌ರವರ 75ನೇ ಹುಟ್ಟುಹಬ್ಬದ ಪ್ರಯುಕ್ತ ಮರೆಯದ ಮಾಣಿಕ್ಯ ಡಾ. ವಿಷ್ಣು ನೆನಪು ಸಂಗೀತ ಸಂಜೆ ಕಾರ್ಯಕ್ರಮ, ಉದ್ಘಾಟನೆ : ಕನ್ನಡ ಮತ್ತು ಸಂಸ್ಕೃತಿ ಇಲಾಖೆ ಜಂಟಿ ನಿರ್ದೇಶಕ ಮಲ್ಲಿಕಾರ್ಜುನಸ್ವಾಮಿ, ಅಧ್ಯಕ್ಷತೆ: ಶ್ರೀ ಅನಂತೇಶ್ವರ ಟ್ರಸ್ಟ್‌ನ ಅಧ್ಯಕ್ಷ ಡಾ. ನಾಗರಾಜ ಎ. ವೈ.ರಿ; ಸಂಜೆ 6.30ಕ್ಕೆ ವೇದಿಕೆ ಕಾರ್ಯಕ್ರಮ, ಮುಖ್ಯ ಅತಿಥಿಗಳು : ಹಿರಿಯ ಪತ್ರಕರ್ತ ಅಂಶಿ ಪ್ರಸನ್ನಕುಮಾರ್, ಜಿಲ್ಲಾ ಕಸಾಪ ಅಧ್ಯಕ್ಷ ಮಡ್ಡಿಕೆರೆ ಗೋಪಾಲ್, ಆಲಿಯನ್ಸ್ ಕ್ಲಬ್ ಆಫ್ ಮೈಸೂರು ಜಿಲ್ಲಾ ರಾಜ್ಯಪಾಲ ಡಾ. ಎನ್.ವೆಂಕಟೇಶ್, ಸಂಸ್ಕೃತಿ ಚಿಂತಕ ಡಾ. ರಘುರಾಮ್ ವಾಜಪೇಯಿ, ಜಿಲ್ಲಾ ಕಸಾಪ ಮಾಜಿ ಅಧ್ಯಕ್ಷ ಡಾ. ವೈ.ಡಿ. ರಾಜಣ್ಣ, ಕವಿ
ಮೈಸೂರು ಆಕಾಶವಾಣಿ
ಬೆಳಗ್ಗೆ: 6.10 ದಸರಾ ಚಿಂತನ, 6.15 ದಸರಾ ಗೀತಾಂಜಲಿ, 6.35 ಮತ್ತು ಸಂಜೆ 6.10 ಭಾವ ಸೇತು ಭಾವ ಬದಲಾದರು ಭಾವ ಬದಲಾಗದಿರಲಿ ಬಾನುಲಿ ಸರಣಿ, ಪ್ರಸ್ತುತಿ–ಸಿ.ಎಸ್. ಪೂರ್ಣಿಮಾ, 6.40 ಅರಿವಿನ ಶಿವಸಿ–ಸರ್ವಜ್ಞನ ತ್ರಿಪದಿಗಳನ್ನಾಧರಿಸಿದ ಬಾನುಲಿ ಸರಣಿ, ಗಾಯನ–ಸದಾ ಶಿವಪಾಟೀಲ್ ಹಾಗೂ ನಿತಿನ್ ರಾಜಾರಾಂ ಶಾಸ್ತ್ರೀ, ವ್ಯಾಖ್ಯಾನ–ಡಾ. ಹೆಚ್.ಎಂ. ಕಲಾಶ್ರೀ, 6.50 ರೈತರಿಗೆ ಸಲಹೆ, 7.15 ಭಾವಗೀತೆಗಳು, 8.30 ಚಿತ್ರಗೀತೆಗಳು, 9.05 ರೆಡ್ಡಿ ಸಿ.ವಿ. 9.20 ವೃತ್ತಿ ಮಾರ್ಗ ದರ್ಶನ–ಭಾರತೀಯ ವಾಯುಸೇನಾ ದಿನಾಚರಣೆಯ ಸಂದರ್ಭದಲ್ಲಿ ಭಾರತೀಯ ಸೇನಾಪಡೆಗಳಲ್ಲಿ ಯುವಜನರಿಗೆ ಇರುವ ಅವಕಾಶಗಳು ಕುರಿತು ಭಾರತೀಯ ವಾಯುಸೇನೆಯಲ್ಲಿ ಸೇವೆ ಸಲ್ಲಿಸಿ ನಿವೃತ್ತರಾಗಿರುವ ಗ್ರೂಪ್ ಕ್ಯಾಪ್ಟನ್ ಸಿ.ಕೆ. ಕಾರ್ತಿಕ್ ಅವರೊಂದಿಗೆ ಮಾತುಕತೆ, ಅವರೊಂದಿಗೆ ಭಾಗವಹಿಸುತ್ತಾರೆ ಬೇದ್ರ ಮಂಜುನಾಥ, 10.00 ಹಿಂದೂಸ್ತಾನಿ ಶಾಸ್ತ್ರೀಯ ಸಂಗೀತ, 11.00 ನಿವೃತ್ತರೊಂದಿಗೆ ಮೈಸೂರು ಆಕಾಶವಾಣಿ ಹಾಗೂ ಪಶ್ನೋತ್ತರ.
ಮಧ್ಯಾಹ್ನ: 12.05 ವನಿತಾ ವಿಹಾರ, 12.35 ದೇವರನಾಮ, 12.45 ಜಾನಪದ ಸಂಗೀತ–ಮಂಡ್ಯ ಜಿಲ್ಲೆ ಎಲೆಕೋಟ್ಟಾಗದ ನಂಜೇಗೌಡ ಮತ್ತು ಸಂಗಡಿಗರಿಂದ ಭಾಗವಂತಿಕೆ ಪದದಲ್ಲಿ ಕೃಷ್ಣ ಕಥೆ, 1.00 ಪ್ರಾತಿ ಪಥ–ಕೇಂದ್ರ ಸರ್ಕಾರದ ವಿವಿಧ ಅಭಿವೃದ್ಧಿ ಯೋಜನೆಗಳ ಕುರಿತು ಸರಣಿ, 1.20 ಭಾವಗೀತೆಗಳು, 2.40 ಚಿತ್ರಗೀತೆಗಳು, 3.00 ಕರ್ನಾಟಕ ಶಾಸ್ತ್ರೀಯ ಸಂಗೀತ, 4.00 ಮಹಿಳಾ ರಂಗ–ವಾಲ್ಮೀಕಿ ಜಯಂತಿ ಕುರಿತು ಕೃತಿ ಮಹಿಳಾ ಸಂಘದ ಸದಸ್ಯೆಯರಿಂದ ಕಾರ್ಯಕ್ರಮ ವೈವಿಧ್ಯ, 4.30 ಹಿಂದಿ ಚಿತ್ರಗೀತೆಗಳು, 4.45 ಹಿಂದಿ ಪಾಠ, ಪ್ರಸ್ತುತಿ– ಶಾಂತ ಕಣಿ, 6.50 ಕೃಷಿರಂಗ–ಪಾಂಡವಪುರ ತಾಲೂಕು ಚಿನಕುರಳಿ ಹೋಬಳಿ ರಾಗಿಮುದ್ದನಹಳ್ಳಿ ಗ್ರಾಮದಲ್ಲಿ ನಡೆದ ಬಾನುಲಿ ಕೃಷಿ ಬೆಳಗು ಕಾರ್ಯಕ್ರಮದ ಬಾನುಲಿ ವರದಿ, ಪ್ರಸ್ತುತಿ–ಆರ್. ಲೋಕೇಶ್ವರಿ, ಬಾನುಲಿ ಜೇನಾಯಿ–ದಸರೆವರಿಂದದ ಕೃಷಿಗೆ ನಮ್ಮ ಸಹಾಯ, ಪ್ರಸ್ತುತಿ–ಆರ್.ಲೋಕೇಶ್ವರಿ, 7.35 ಕನ್ನಡದಲ್ಲಿ ವಾರ್ತೆಗಳು, 7.45 ಕನ್ನಡ ಚಿತ್ರಗೀತೆಗಳು, 8.00 ವಿಶೇಷ ಕಾರ್ಯಕ್ರಮ ಸರಣಿ ಆಕಾಶವಾಣಿ 90–ನೆನಪುಗಳ ಹೊತ್ತು, ವಿಜ್ಞಾನ ಕ್ಷೇತ್ರದಲ್ಲಿನ ಸಾಧನೆಗಾಗಿ ಮೈಸೂರು ಆಕಾಶವಾಣಿಯಿಂದ ಸನ್ಮಾನಿತರಾದ ಮೈಸೂರಿನ ಕೇಂದ್ರೀಯ ಆಹಾರ ತಂತ್ರಜ್ಞಾನ ಸಂಶೋಧನಾ ಸಂಸ್ಥೆಯ ವಿಶ್ರಾಂತ ನಿರ್ದೇಶಕರಾದ ಡಾ.ಶ್ರೀದೇವಿ ಅನ್ನಪೂರ್ಣ ಸಿಂಗ್ ಅವರೊಂದಿಗೆ ಸಂವಾದ. ಭಾಗವಹಿಸುತ್ತಾರೆ–ಉಮೇಶ್ ಎಸ್.ಎಸ್., 8.30 ಹಿಂದಿ ಚಿತ್ರಗೀತೆಗಳು, 9.30 ಕ್ರೀಡಾಲೋಕ, 10.00 ಪಕ್ಕಿ ಪಾಡು, ಭಾಗವಹಿಸುತ್ತಾರೆ ಚಾಮರಾಜನಗರ ಜಿಲ್ಲೆ, ದೊಡ್ಡಮೋಳೆಯ ದೊಡ್ಡಗವಿ ಬಸಪ್ಪ ಮತ್ತು ಸಂಗಡಿಗರು. ಪ್ರಸ್ತುತಿ–ಮೈಸೂರು ಉಮೇಶ, 10.30 ಸವಿನೆನಪು
ಜಯಪ್ಪ ಹೊನ್ನಾಳಿ, ಸ್ಥಳ: ನಾದಬ್ರಹ್ಮ ಸಂಗೀತ ಸಭಾಂಗಣ, ಜೆಎಲ್‌ಬಿ ರಸ್ತೆ.
■ ಸಾಧನಾ ಮಂದಿರ : ಸರಸ್ವತಿ ಪೂಜಾ, ಸಂಜೆ 4.450ಂದ ಯುವಕರೊಡ ಶ್ರೀ ಯೋಗಾನಂದೇಶ್ವರ ಮಠ; ರಾತ್ರಿ 6 ರಿಂದ ಶ್ರೀ ಕೃಷ್ಣಮಂದಿರ, ಗೋಕುಲಂ 3ನೇ ಹಂತ, ರಾತ್ರಿ 7 ರಿಂದ ಸಮುದಾಯ ಭವನ, ಗುರುದ್ವಾರ ಸಮೀಪ, ಬೃಂದಾವನ ಬಡಾವಣೆ.
ದೈನಂದಿನ ಆಕರ್ಷಣೆಗಳು
ಮ. 1, 4 ಮತ್ತು ಸಂಜೆ 7	: ಜೆಮಿನಿ ಸರ್ಕಸ್, ಹಾರ್ಸ್ ಪಾರ್ಕ್ ಮೈದಾನ, ಕಾರಂಜಿ ಕೆರೆ ಸಮೀಪ (3 ಪ್ರದರ್ಶನ)
ಸಂಜೆ 6,7,8 ಮತ್ತು ರಾ.9	: ಅಂಬಾರಿ ಡಬ್ಬಲ್ ಡೆಕ್ಕರ್ ಬಸ್ ರೈಡ್ (1 ಗಂಟೆ.ದಿನ 4 ಟ್ರಿಪ್).
ಬೆ. 10 ರಿಂದ 10 ರವರೆಗೆ	: ದಸರಾ ವಸ್ತುಪ್ರದರ್ಶನ.
